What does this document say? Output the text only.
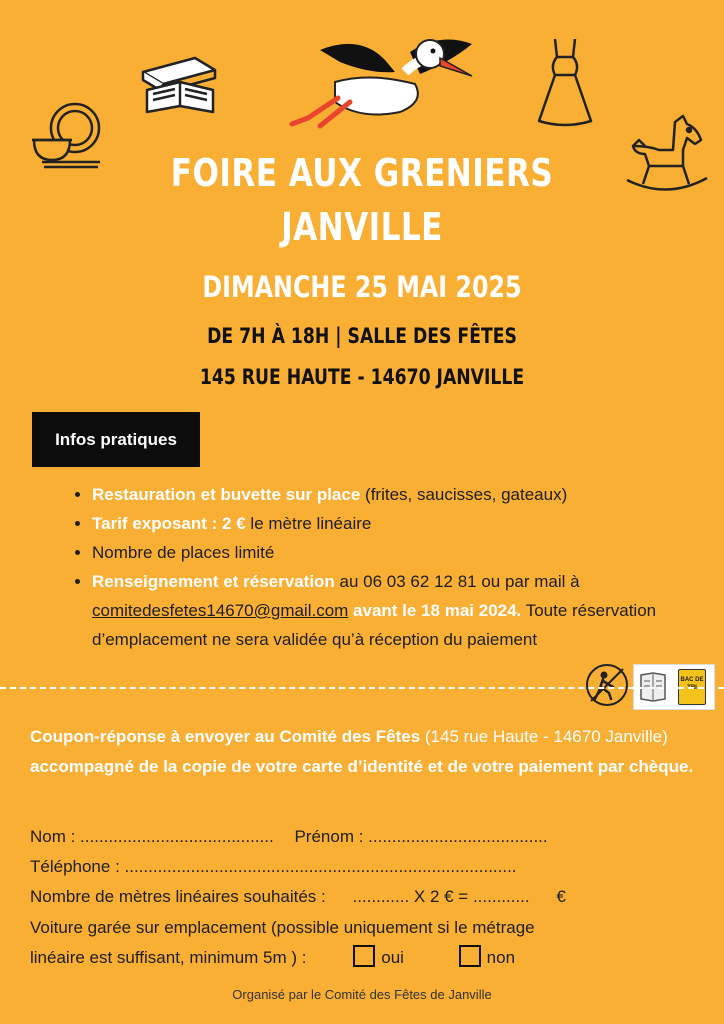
FOIRE AUX GRENIERS
JANVILLE
DIMANCHE 25 MAI 2025
DE 7H À 18H | SALLE DES FÊTES
145 RUE HAUTE - 14670 JANVILLE
Infos pratiques
• Restauration et buvette sur place (frites, saucisses, gateaux)
• Tarif exposant : 2 € le mètre linéaire
• Nombre de places limité
• Renseignement et réservation au 06 03 62 12 81 ou par mail à comitedesfetes14670@gmail.com avant le 18 mai 2024. Toute réservation d’emplacement ne sera validée qu’à réception du paiement
BAC DE TRI
Coupon-réponse à envoyer au Comité des Fêtes (145 rue Haute - 14670 Janville) accompagné de la copie de votre carte d’identité et de votre paiement par chèque.
Nom : ......................................... Prénom : ......................................
Téléphone : ...................................................................................
Nombre de mètres linéaires souhaités : ............ X 2 € = ............ €
Voiture garée sur emplacement (possible uniquement si le métrage
linéaire est suffisant, minimum 5m ) :	oui	non
Organisé par le Comité des Fêtes de Janville
